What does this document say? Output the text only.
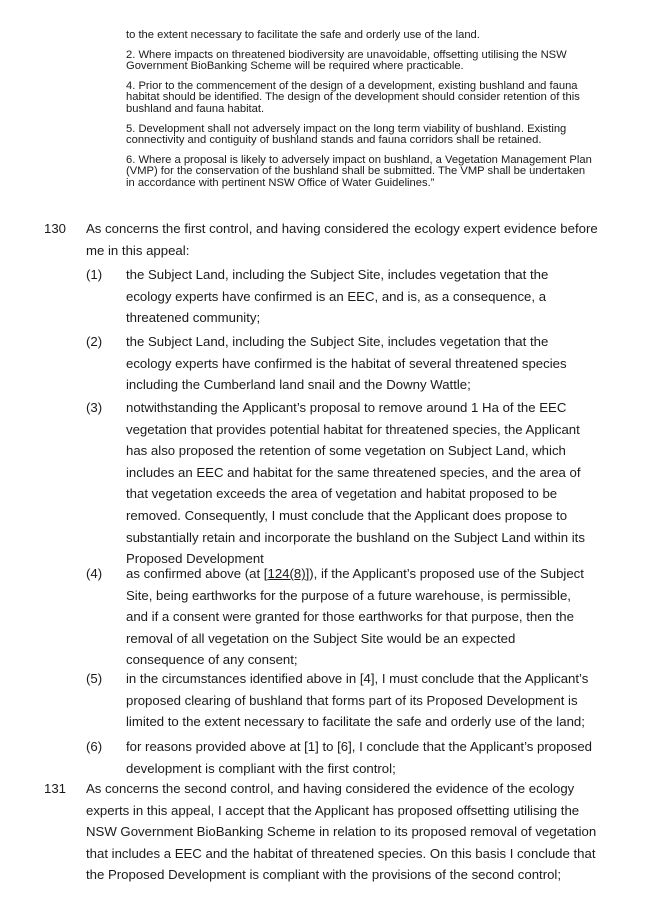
to the extent necessary to facilitate the safe and orderly use of the land.

2. Where impacts on threatened biodiversity are unavoidable, offsetting utilising the NSW Government BioBanking Scheme will be required where practicable.

4. Prior to the commencement of the design of a development, existing bushland and fauna habitat should be identified. The design of the development should consider retention of this bushland and fauna habitat.

5. Development shall not adversely impact on the long term viability of bushland. Existing connectivity and contiguity of bushland stands and fauna corridors shall be retained.

6. Where a proposal is likely to adversely impact on bushland, a Vegetation Management Plan (VMP) for the conservation of the bushland shall be submitted. The VMP shall be undertaken in accordance with pertinent NSW Office of Water Guidelines.”

130 As concerns the first control, and having considered the ecology expert evidence before me in this appeal:
(1) the Subject Land, including the Subject Site, includes vegetation that the ecology experts have confirmed is an EEC, and is, as a consequence, a threatened community;
(2) the Subject Land, including the Subject Site, includes vegetation that the ecology experts have confirmed is the habitat of several threatened species including the Cumberland land snail and the Downy Wattle;
(3) notwithstanding the Applicant’s proposal to remove around 1 Ha of the EEC vegetation that provides potential habitat for threatened species, the Applicant has also proposed the retention of some vegetation on Subject Land, which includes an EEC and habitat for the same threatened species, and the area of that vegetation exceeds the area of vegetation and habitat proposed to be removed. Consequently, I must conclude that the Applicant does propose to substantially retain and incorporate the bushland on the Subject Land within its Proposed Development
(4) as confirmed above (at [124(8)]), if the Applicant’s proposed use of the Subject Site, being earthworks for the purpose of a future warehouse, is permissible, and if a consent were granted for those earthworks for that purpose, then the removal of all vegetation on the Subject Site would be an expected consequence of any consent;
(5) in the circumstances identified above in [4], I must conclude that the Applicant’s proposed clearing of bushland that forms part of its Proposed Development is limited to the extent necessary to facilitate the safe and orderly use of the land;
(6) for reasons provided above at [1] to [6], I conclude that the Applicant’s proposed development is compliant with the first control;
131 As concerns the second control, and having considered the evidence of the ecology experts in this appeal, I accept that the Applicant has proposed offsetting utilising the NSW Government BioBanking Scheme in relation to its proposed removal of vegetation that includes a EEC and the habitat of threatened species. On this basis I conclude that the Proposed Development is compliant with the provisions of the second control;
